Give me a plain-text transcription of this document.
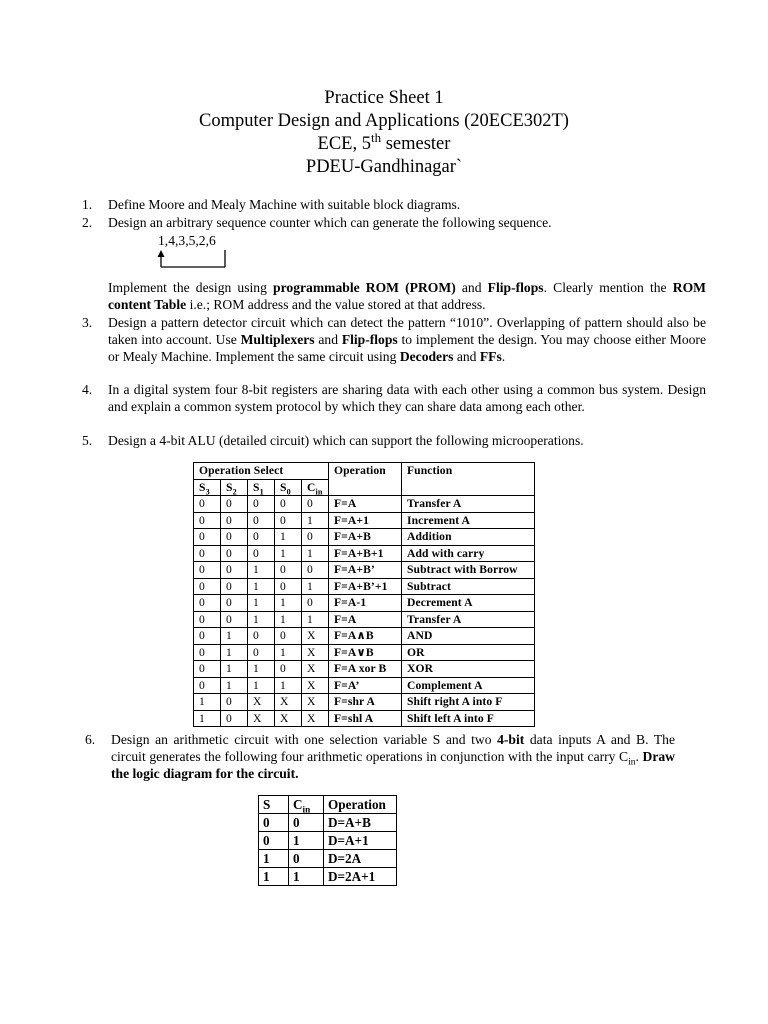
Practice Sheet 1
Computer Design and Applications (20ECE302T)
ECE, 5th semester
PDEU-Gandhinagar`
1. Define Moore and Mealy Machine with suitable block diagrams.
2. Design an arbitrary sequence counter which can generate the following sequence.
1,4,3,5,2,6
Implement the design using programmable ROM (PROM) and Flip-flops. Clearly mention the ROM content Table i.e.; ROM address and the value stored at that address.
3. Design a pattern detector circuit which can detect the pattern “1010”. Overlapping of pattern should also be taken into account. Use Multiplexers and Flip-flops to implement the design. You may choose either Moore or Mealy Machine. Implement the same circuit using Decoders and FFs.
4. In a digital system four 8-bit registers are sharing data with each other using a common bus system. Design and explain a common system protocol by which they can share data among each other.
5. Design a 4-bit ALU (detailed circuit) which can support the following microoperations.
Operation Select					Operation	Function
$S_3$	$S_2$	$S_1$	$S_0$	$C_{in}$
0	0	0	0	0	F=A	Transfer A
0	0	0	0	1	F=A+1	Increment A
0	0	0	1	0	F=A+B	Addition
0	0	0	1	1	F=A+B+1	Add with carry
0	0	1	0	0	F=A+B’	Subtract with Borrow
0	0	1	0	1	F=A+B’+1	Subtract
0	0	1	1	0	F=A-1	Decrement A
0	0	1	1	1	F=A	Transfer A
0	1	0	0	X	F=A∧B	AND
0	1	0	1	X	F=A∨B	OR
0	1	1	0	X	F=A xor B	XOR
0	1	1	1	X	F=A’	Complement A
1	0	X	X	X	F=shr A	Shift right A into F
1	0	X	X	X	F=shl A	Shift left A into F
6. Design an arithmetic circuit with one selection variable S and two 4-bit data inputs A and B. The circuit generates the following four arithmetic operations in conjunction with the input carry $C_{in}$. Draw the logic diagram for the circuit.
S	$C_{in}$	Operation
0	0	D=A+B
0	1	D=A+1
1	0	D=2A
1	1	D=2A+1
